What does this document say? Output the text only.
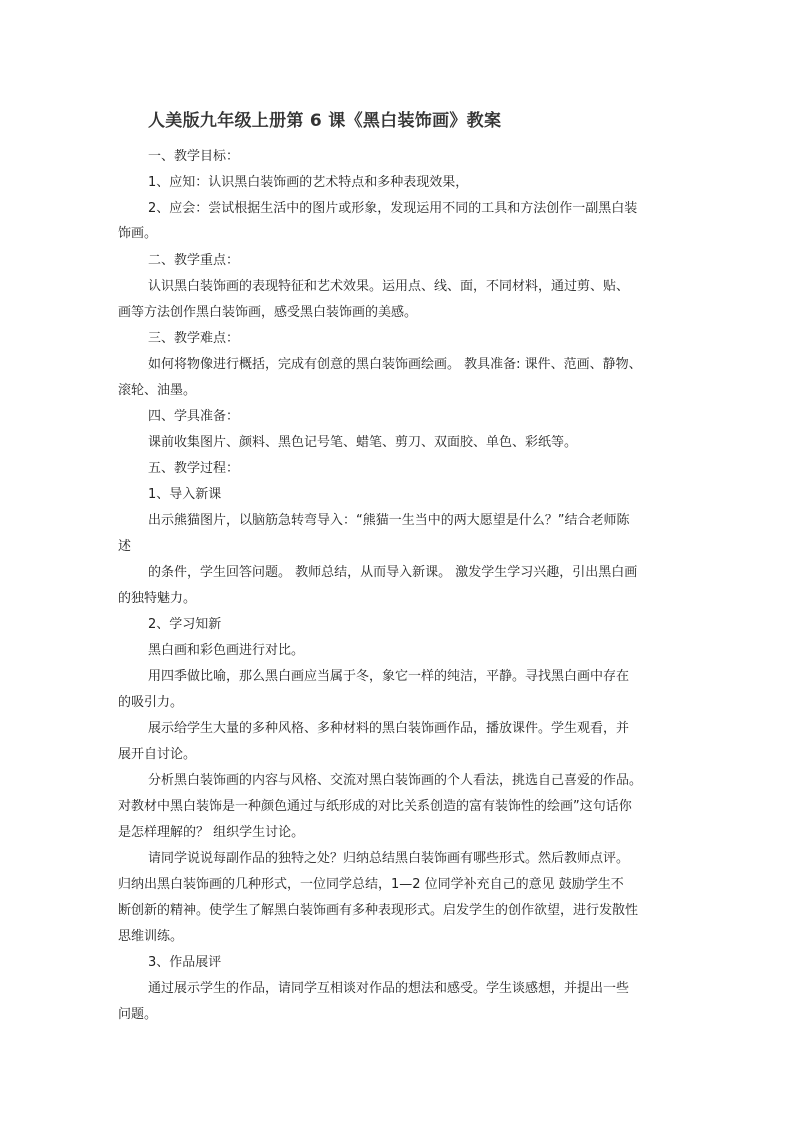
人美版九年级上册第 6 课《黑白装饰画》教案
一、教学目标：
1、应知：认识黑白装饰画的艺术特点和多种表现效果，
2、应会：尝试根据生活中的图片或形象，发现运用不同的工具和方法创作一副黑白装
饰画。
二、教学重点：
认识黑白装饰画的表现特征和艺术效果。运用点、线、面，不同材料，通过剪、贴、
画等方法创作黑白装饰画，感受黑白装饰画的美感。
三、教学难点：
如何将物像进行概括，完成有创意的黑白装饰画绘画。 教具准备: 课件、范画、静物、
滚轮、油墨。
四、学具准备：
课前收集图片、颜料、黑色记号笔、蜡笔、剪刀、双面胶、单色、彩纸等。
五、教学过程：
1、导入新课
出示熊猫图片，以脑筋急转弯导入：“熊猫一生当中的两大愿望是什么？”结合老师陈
述
的条件，学生回答问题。 教师总结，从而导入新课。 激发学生学习兴趣，引出黑白画
的独特魅力。
2、学习知新
黑白画和彩色画进行对比。
用四季做比喻，那么黑白画应当属于冬，象它一样的纯洁，平静。寻找黑白画中存在
的吸引力。
展示给学生大量的多种风格、多种材料的黑白装饰画作品，播放课件。学生观看，并
展开自讨论。
分析黑白装饰画的内容与风格、交流对黑白装饰画的个人看法，挑选自己喜爱的作品。
对教材中黑白装饰是一种颜色通过与纸形成的对比关系创造的富有装饰性的绘画”这句话你
是怎样理解的？ 组织学生讨论。
请同学说说每副作品的独特之处？归纳总结黑白装饰画有哪些形式。然后教师点评。
归纳出黑白装饰画的几种形式，一位同学总结，1—2 位同学补充自己的意见 鼓励学生不
断创新的精神。使学生了解黑白装饰画有多种表现形式。启发学生的创作欲望，进行发散性
思维训练。
3、作品展评
通过展示学生的作品，请同学互相谈对作品的想法和感受。学生谈感想，并提出一些
问题。
